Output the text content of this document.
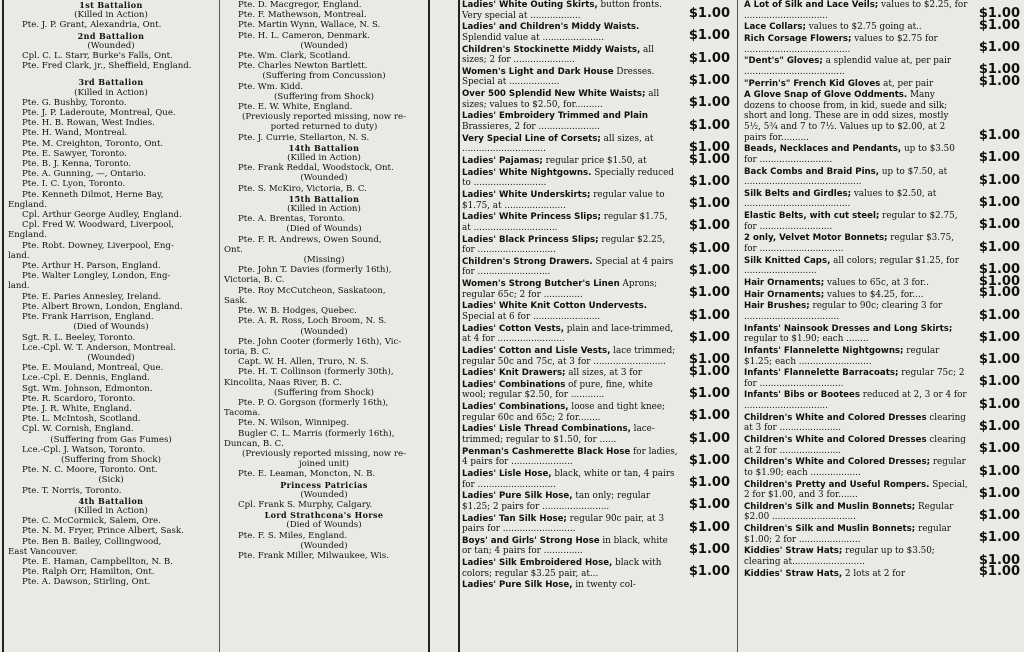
1st Battalion
(Killed in Action)
Pte. J. P. Grant, Alexandria, Ont.
2nd Battalion
(Wounded)
Cpl. C. L. Starr, Burke's Falls, Ont.
Pte. Fred Clark, jr., Sheffield, England.
3rd Battalion
(Killed in Action)
Pte. G. Bushby, Toronto.
Pte. J. P. Laderoute, Montreal, Que.
Pte. H. B. Rowan, West Indies.
Pte. H. Wand, Montreal.
Pte. M. Creighton, Toronto, Ont.
Pte. E. Sawyer, Toronto.
Pte. B. J. Kenna, Toronto.
Pte. A. Gunning, —, Ontario.
Pte. I. C. Lyon, Toronto.
Pte. Kenneth Dilmot, Herne Bay,
England.
Cpl. Arthur George Audley, England.
Cpl. Fred W. Woodward, Liverpool,
England.
Pte. Robt. Downey, Liverpool, Eng-
land.
Pte. Arthur H. Parson, England.
Pte. Walter Longley, London, Eng-
land.
Pte. E. Paries Annesley, Ireland.
Pte. Albert Brown, London, England.
Pte. Frank Harrison, England.
(Died of Wounds)
Sgt. R. L. Beeley, Toronto.
Lce.-Cpl. W. T. Anderson, Montreal.
(Wounded)
Pte. E. Mouland, Montreal, Que.
Lce.-Cpl. E. Dennis, England.
Sgt. Wm. Johnson, Edmonton.
Pte. R. Scardoro, Toronto.
Pte. J. R. White, England.
Pte. L. McIntosh, Scotland.
Cpl. W. Cornish, England.
(Suffering from Gas Fumes)
Lce.-Cpl. J. Watson, Toronto.
(Suffering from Shock)
Pte. N. C. Moore, Toronto. Ont.
(Sick)
Pte. T. Norris, Toronto.
4th Battalion
(Killed in Action)
Pte. C. McCormick, Salem, Ore.
Pte. N. M. Fryer, Prince Albert, Sask.
Pte. Ben B. Bailey, Collingwood,
East Vancouver.
Pte. E. Haman, Campbellton, N. B.
Pte. Ralph Orr, Hamilton, Ont.
Pte. A. Dawson, Stirling, Ont.
Pte. D. Macgregor, England.
Pte. F. Mathewson, Montreal.
Pte. Martin Wynn, Wallace, N. S.
Pte. H. L. Cameron, Denmark.
(Wounded)
Pte. Wm. Clark, Scotland.
Pte. Charles Newton Bartlett.
(Suffering from Concussion)
Pte. Wm. Kidd.
(Suffering from Shock)
Pte. E. W. White, England.
(Previously reported missing, now re-
ported returned to duty)
Pte. J. Currie, Stellarton, N. S.
14th Battalion
(Killed in Action)
Pte. Frank Reddal, Woodstock, Ont.
(Wounded)
Pte. S. McKiro, Victoria, B. C.
15th Battalion
(Killed in Action)
Pte. A. Brentas, Toronto.
(Died of Wounds)
Pte. F. R. Andrews, Owen Sound,
Ont.
(Missing)
Pte. John T. Davies (formerly 16th),
Victoria, B. C.
Pte. Roy McCutcheon, Saskatoon,
Sask.
Pte. W. B. Hodges, Quebec.
Pte. A. R. Ross, Loch Broom, N. S.
(Wounded)
Pte. John Cooter (formerly 16th), Vic-
toria, B. C.
Capt. W. H. Allen, Truro, N. S.
Pte. H. T. Collinson (formerly 30th),
Kincolita, Naas River, B. C.
(Suffering from Shock)
Pte. P. O. Gorgson (formerly 16th),
Tacoma.
Pte. N. Wilson, Winnipeg.
Bugler C. L. Marris (formerly 16th),
Duncan, B. C.
(Previously reported missing, now re-
joined unit)
Pte. E. Leaman, Moncton, N. B.
Princess Patricias
(Wounded)
Cpl. Frank S. Murphy, Calgary.
Lord Strathcona's Horse
(Died of Wounds)
Pte. F. S. Miles, England.
(Wounded)
Pte. Frank Miller, Milwaukee, Wis.
Ladies' White Outing Skirts, button fronts. Very special at ..................	$1.00
Ladies' and Children's Middy Waists. Splendid value at ......................	$1.00
Children's Stockinette Middy Waists, all sizes; 2 for ......................	$1.00
Women's Light and Dark House Dresses. Special at ..................	$1.00
Over 500 Splendid New White Waists; all sizes; values to $2.50, for..........	$1.00
Ladies' Embroidery Trimmed and Plain Brassieres, 2 for ......................	$1.00
Very Special Line of Corsets; all sizes, at ..............................	$1.00
Ladies' Pajamas; regular price $1.50, at	$1.00
Ladies' White Nightgowns. Specially reduced to ..........................	$1.00
Ladies' White Underskirts; regular value to $1.75, at ......................	$1.00
Ladies' White Princess Slips; regular $1.75, at ..............................	$1.00
Ladies' Black Princess Slips; regular $2.25, for ............................	$1.00
Children's Strong Drawers. Special at 4 pairs for ..........................	$1.00
Women's Strong Butcher's Linen Aprons; regular 65c; 2 for ..............	$1.00
Ladies' White Knit Cotton Undervests. Special at 6 for ........................	$1.00
Ladies' Cotton Vests, plain and lace-trimmed, at 4 for ........................	$1.00
Ladies' Cotton and Lisle Vests, lace trimmed; regular 50c and 75c, at 3 for ..........................	$1.00
Ladies' Knit Drawers; all sizes, at 3 for	$1.00
Ladies' Combinations of pure, fine, white wool; regular $2.50, for ............	$1.00
Ladies' Combinations, loose and tight knee; regular 60c and 65c; 2 for........	$1.00
Ladies' Lisle Thread Combinations, lace-trimmed; regular to $1.50, for ......	$1.00
Penman's Cashmerette Black Hose for ladies, 4 pairs for ......................	$1.00
Ladies' Lisle Hose, black, white or tan, 4 pairs for ............................	$1.00
Ladies' Pure Silk Hose, tan only; regular $1.25; 2 pairs for ........................	$1.00
Ladies' Tan Silk Hose; regular 90c pair, at 3 pairs for ..........................	$1.00
Boys' and Girls' Strong Hose in black, white or tan; 4 pairs for ..............	$1.00
Ladies' Silk Embroidered Hose, black with colors; regular $3.25 pair, at...	$1.00
Ladies' Pure Silk Hose, in twenty col-
A Lot of Silk and Lace Veils; values to $2.25, for ..............................	$1.00
Lace Collars; values to $2.75 going at..	$1.00
Rich Corsage Flowers; values to $2.75 for ......................................	$1.00
"Dent's" Gloves; a splendid value at, per pair ....................................	$1.00
"Perrin's" French Kid Gloves at, per pair	$1.00
A Glove Snap of Glove Oddments. Many dozens to choose from, in kid, suede and silk; short and long. These are in odd sizes, mostly 5½, 5¾ and 7 to 7½. Values up to $2.00, at 2 pairs for..........	$1.00
Beads, Necklaces and Pendants, up to $3.50 for ..........................	$1.00
Back Combs and Braid Pins, up to $7.50, at ..........................................	$1.00
Silk Belts and Girdles; values to $2.50, at ......................................	$1.00
Elastic Belts, with cut steel; regular to $2.75, for ..........................	$1.00
2 only, Velvet Motor Bonnets; regular $3.75, for ..............................	$1.00
Silk Knitted Caps, all colors; regular $1.25, for ..........................	$1.00
Hair Ornaments; values to 65c, at 3 for..	$1.00
Hair Ornaments; values to $4.25, for....	$1.00
Hair Brushes; regular to 90c; clearing 3 for ..................................	$1.00
Infants' Nainsook Dresses and Long Skirts; regular to $1.90; each ........	$1.00
Infants' Flannelette Nightgowns; regular $1.25; each ..........................	$1.00
Infants' Flannelette Barracoats; regular 75c; 2 for ..............................	$1.00
Infants' Bibs or Bootees reduced at 2, 3 or 4 for ..............................	$1.00
Children's White and Colored Dresses clearing at 3 for ......................	$1.00
Children's White and Colored Dresses clearing at 2 for ......................	$1.00
Children's White and Colored Dresses; regular to $1.90; each ..................	$1.00
Children's Pretty and Useful Rompers. Special, 2 for $1.00, and 3 for.......	$1.00
Children's Silk and Muslin Bonnets; Regular $2.00 ..............................	$1.00
Children's Silk and Muslin Bonnets; regular $1.00; 2 for ......................	$1.00
Kiddies' Straw Hats; regular up to $3.50; clearing at..........................	$1.00
Kiddies' Straw Hats, 2 lots at 2 for	$1.00
